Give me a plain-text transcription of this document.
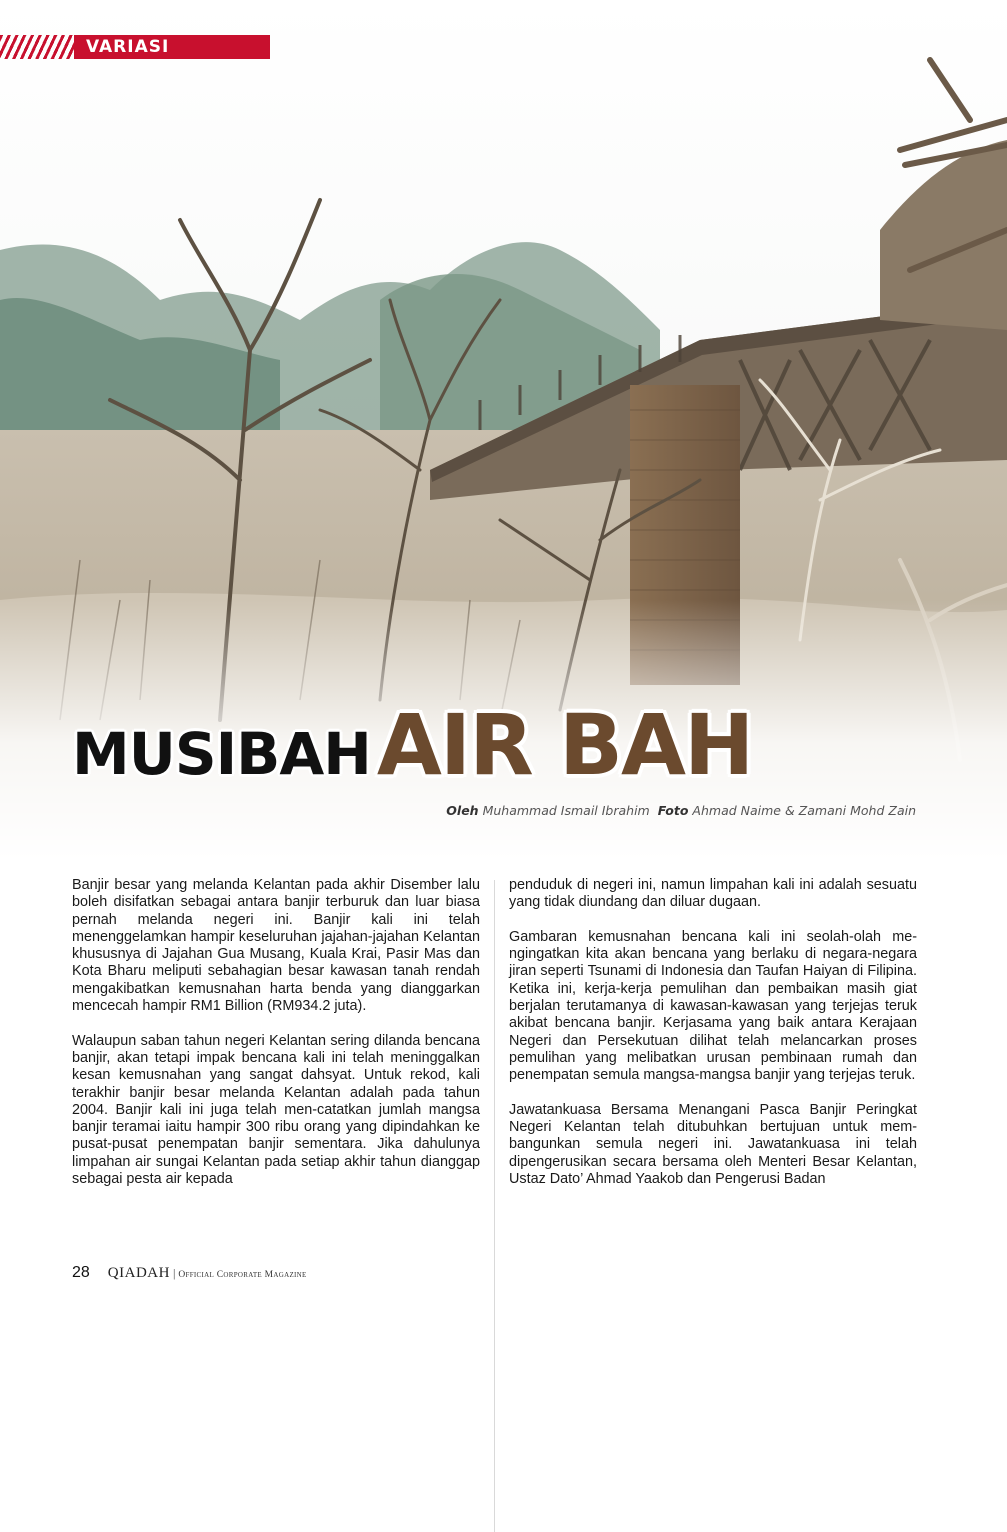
VARIASI
MUSIBAHAIR BAH
Oleh Muhammad Ismail Ibrahim Foto Ahmad Naime & Zamani Mohd Zain

Banjir besar yang melanda Kelantan pada akhir Disember lalu boleh disifatkan sebagai antara banjir terburuk dan luar biasa pernah melanda negeri ini. Banjir kali ini telah menenggelamkan hampir keseluruhan jajahan-jajahan Kelantan khususnya di Jajahan Gua Musang, Kuala Krai, Pasir Mas dan Kota Bharu meliputi sebahagian besar kawasan tanah rendah mengakibatkan kemusnahan harta benda yang dianggarkan mencecah hampir RM1 Billion (RM934.2 juta).

Walaupun saban tahun negeri Kelantan sering dilanda bencana banjir, akan tetapi impak bencana kali ini telah meninggalkan kesan kemusnahan yang sangat dahsyat. Untuk rekod, kali terakhir banjir besar melanda Kelantan adalah pada tahun 2004. Banjir kali ini juga telah men-catatkan jumlah mangsa banjir teramai iaitu hampir 300 ribu orang yang dipindahkan ke pusat-pusat penempatan banjir sementara. Jika dahulunya limpahan air sungai Kelantan pada setiap akhir tahun dianggap sebagai pesta air kepada

penduduk di negeri ini, namun limpahan kali ini adalah sesuatu yang tidak diundang dan diluar dugaan.

Gambaran kemusnahan bencana kali ini seolah-olah me-ngingatkan kita akan bencana yang berlaku di negara-negara jiran seperti Tsunami di Indonesia dan Taufan Haiyan di Filipina. Ketika ini, kerja-kerja pemulihan dan pembaikan masih giat berjalan terutamanya di kawasan-kawasan yang terjejas teruk akibat bencana banjir. Kerjasama yang baik antara Kerajaan Negeri dan Persekutuan dilihat telah melancarkan proses pemulihan yang melibatkan urusan pembinaan rumah dan penempatan semula mangsa-mangsa banjir yang terjejas teruk.

Jawatankuasa Bersama Menangani Pasca Banjir Peringkat Negeri Kelantan telah ditubuhkan bertujuan untuk mem-bangunkan semula negeri ini. Jawatankuasa ini telah dipengerusikan secara bersama oleh Menteri Besar Kelantan, Ustaz Dato’ Ahmad Yaakob dan Pengerusi Badan

28 QIADAH | Official Corporate Magazine
